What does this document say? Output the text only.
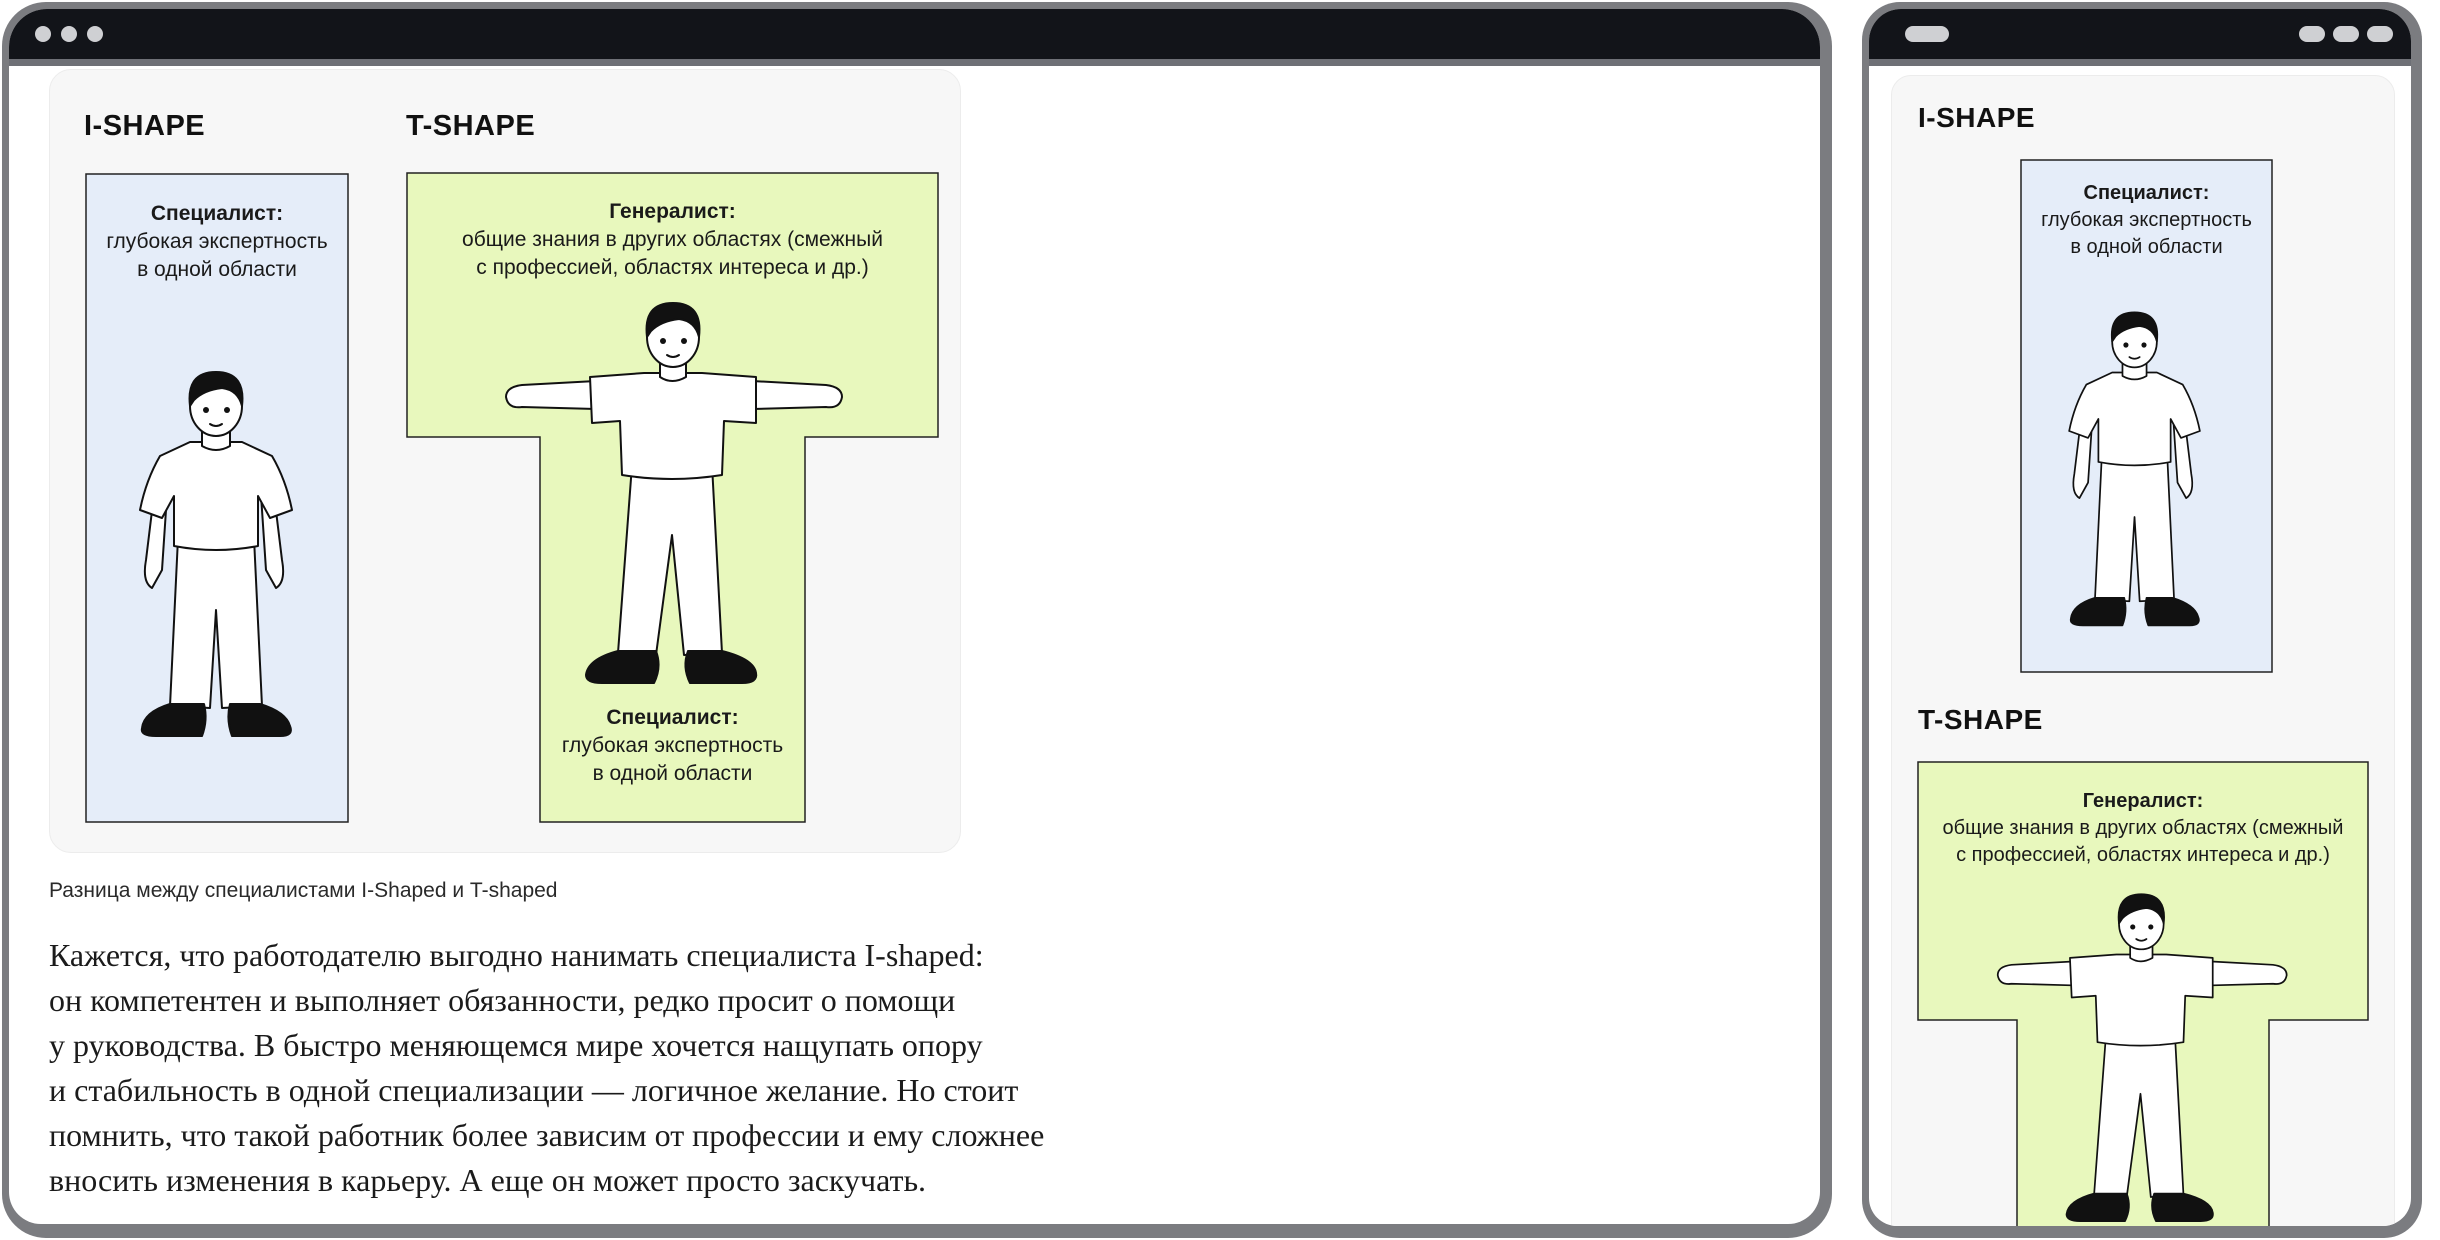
I-SHAPE	T-SHAPE
Специалист:
глубокая экспертность
в одной области
Генералист:
общие знания в других областях (смежный
с профессией, областях интереса и др.)
Специалист:
глубокая экспертность
в одной области
Разница между специалистами I-Shaped и T-shaped
Кажется, что работодателю выгодно нанимать специалиста I-shaped:
он компетентен и выполняет обязанности, редко просит о помощи
у руководства. В быстро меняющемся мире хочется нащупать опору
и стабильность в одной специализации — логичное желание. Но стоит
помнить, что такой работник более зависим от профессии и ему сложнее
вносить изменения в карьеру. А еще он может просто заскучать.
I-SHAPE
T-SHAPE
Специалист:
глубокая экспертность
в одной области
Генералист:
общие знания в других областях (смежный
с профессией, областях интереса и др.)
